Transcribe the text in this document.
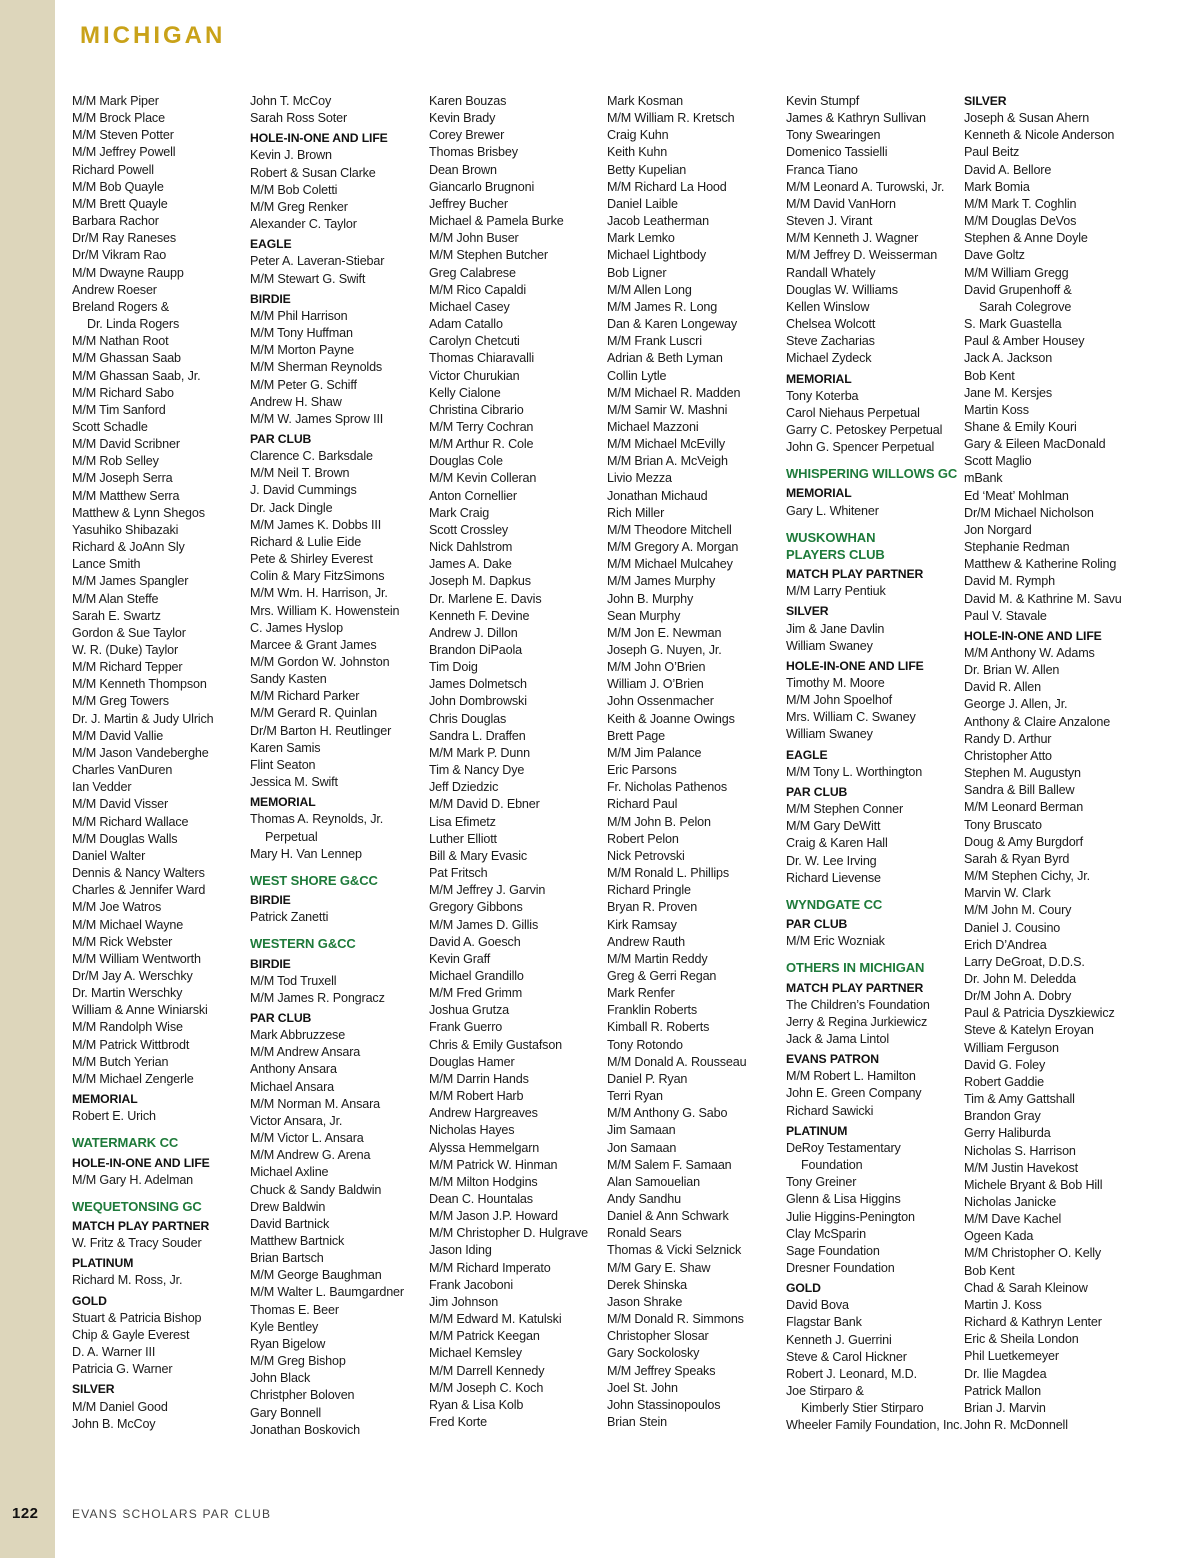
MICHIGAN
M/M Mark Piper
M/M Brock Place
M/M Steven Potter
M/M Jeffrey Powell
Richard Powell
M/M Bob Quayle
M/M Brett Quayle
Barbara Rachor
Dr/M Ray Raneses
Dr/M Vikram Rao
M/M Dwayne Raupp
Andrew Roeser
Breland Rogers &
Dr. Linda Rogers
M/M Nathan Root
M/M Ghassan Saab
M/M Ghassan Saab, Jr.
M/M Richard Sabo
M/M Tim Sanford
Scott Schadle
M/M David Scribner
M/M Rob Selley
M/M Joseph Serra
M/M Matthew Serra
Matthew & Lynn Shegos
Yasuhiko Shibazaki
Richard & JoAnn Sly
Lance Smith
M/M James Spangler
M/M Alan Steffe
Sarah E. Swartz
Gordon & Sue Taylor
W. R. (Duke) Taylor
M/M Richard Tepper
M/M Kenneth Thompson
M/M Greg Towers
Dr. J. Martin & Judy Ulrich
M/M David Vallie
M/M Jason Vandeberghe
Charles VanDuren
Ian Vedder
M/M David Visser
M/M Richard Wallace
M/M Douglas Walls
Daniel Walter
Dennis & Nancy Walters
Charles & Jennifer Ward
M/M Joe Watros
M/M Michael Wayne
M/M Rick Webster
M/M William Wentworth
Dr/M Jay A. Werschky
Dr. Martin Werschky
William & Anne Winiarski
M/M Randolph Wise
M/M Patrick Wittbrodt
M/M Butch Yerian
M/M Michael Zengerle
MEMORIAL
Robert E. Urich
WATERMARK CC
HOLE-IN-ONE AND LIFE
M/M Gary H. Adelman
WEQUETONSING GC
MATCH PLAY PARTNER
W. Fritz & Tracy Souder
PLATINUM
Richard M. Ross, Jr.
GOLD
Stuart & Patricia Bishop
Chip & Gayle Everest
D. A. Warner III
Patricia G. Warner
SILVER
M/M Daniel Good
John B. McCoy
John T. McCoy
Sarah Ross Soter
HOLE-IN-ONE AND LIFE
Kevin J. Brown
Robert & Susan Clarke
M/M Bob Coletti
M/M Greg Renker
Alexander C. Taylor
EAGLE
Peter A. Laveran-Stiebar
M/M Stewart G. Swift
BIRDIE
M/M Phil Harrison
M/M Tony Huffman
M/M Morton Payne
M/M Sherman Reynolds
M/M Peter G. Schiff
Andrew H. Shaw
M/M W. James Sprow III
PAR CLUB
Clarence C. Barksdale
M/M Neil T. Brown
J. David Cummings
Dr. Jack Dingle
M/M James K. Dobbs III
Richard & Lulie Eide
Pete & Shirley Everest
Colin & Mary FitzSimons
M/M Wm. H. Harrison, Jr.
Mrs. William K. Howenstein
C. James Hyslop
Marcee & Grant James
M/M Gordon W. Johnston
Sandy Kasten
M/M Richard Parker
M/M Gerard R. Quinlan
Dr/M Barton H. Reutlinger
Karen Samis
Flint Seaton
Jessica M. Swift
MEMORIAL
Thomas A. Reynolds, Jr.
Perpetual
Mary H. Van Lennep
WEST SHORE G&CC
BIRDIE
Patrick Zanetti
WESTERN G&CC
BIRDIE
M/M Tod Truxell
M/M James R. Pongracz
PAR CLUB
Mark Abbruzzese
M/M Andrew Ansara
Anthony Ansara
Michael Ansara
M/M Norman M. Ansara
Victor Ansara, Jr.
M/M Victor L. Ansara
M/M Andrew G. Arena
Michael Axline
Chuck & Sandy Baldwin
Drew Baldwin
David Bartnick
Matthew Bartnick
Brian Bartsch
M/M George Baughman
M/M Walter L. Baumgardner
Thomas E. Beer
Kyle Bentley
Ryan Bigelow
M/M Greg Bishop
John Black
Christpher Boloven
Gary Bonnell
Jonathan Boskovich
Karen Bouzas
Kevin Brady
Corey Brewer
Thomas Brisbey
Dean Brown
Giancarlo Brugnoni
Jeffrey Bucher
Michael & Pamela Burke
M/M John Buser
M/M Stephen Butcher
Greg Calabrese
M/M Rico Capaldi
Michael Casey
Adam Catallo
Carolyn Chetcuti
Thomas Chiaravalli
Victor Churukian
Kelly Cialone
Christina Cibrario
M/M Terry Cochran
M/M Arthur R. Cole
Douglas Cole
M/M Kevin Colleran
Anton Cornellier
Mark Craig
Scott Crossley
Nick Dahlstrom
James A. Dake
Joseph M. Dapkus
Dr. Marlene E. Davis
Kenneth F. Devine
Andrew J. Dillon
Brandon DiPaola
Tim Doig
James Dolmetsch
John Dombrowski
Chris Douglas
Sandra L. Draffen
M/M Mark P. Dunn
Tim & Nancy Dye
Jeff Dziedzic
M/M David D. Ebner
Lisa Efimetz
Luther Elliott
Bill & Mary Evasic
Pat Fritsch
M/M Jeffrey J. Garvin
Gregory Gibbons
M/M James D. Gillis
David A. Goesch
Kevin Graff
Michael Grandillo
M/M Fred Grimm
Joshua Grutza
Frank Guerro
Chris & Emily Gustafson
Douglas Hamer
M/M Darrin Hands
M/M Robert Harb
Andrew Hargreaves
Nicholas Hayes
Alyssa Hemmelgarn
M/M Patrick W. Hinman
M/M Milton Hodgins
Dean C. Hountalas
M/M Jason J.P. Howard
M/M Christopher D. Hulgrave
Jason Iding
M/M Richard Imperato
Frank Jacoboni
Jim Johnson
M/M Edward M. Katulski
M/M Patrick Keegan
Michael Kemsley
M/M Darrell Kennedy
M/M Joseph C. Koch
Ryan & Lisa Kolb
Fred Korte
Mark Kosman
M/M William R. Kretsch
Craig Kuhn
Keith Kuhn
Betty Kupelian
M/M Richard La Hood
Daniel Laible
Jacob Leatherman
Mark Lemko
Michael Lightbody
Bob Ligner
M/M Allen Long
M/M James R. Long
Dan & Karen Longeway
M/M Frank Luscri
Adrian & Beth Lyman
Collin Lytle
M/M Michael R. Madden
M/M Samir W. Mashni
Michael Mazzoni
M/M Michael McEvilly
M/M Brian A. McVeigh
Livio Mezza
Jonathan Michaud
Rich Miller
M/M Theodore Mitchell
M/M Gregory A. Morgan
M/M Michael Mulcahey
M/M James Murphy
John B. Murphy
Sean Murphy
M/M Jon E. Newman
Joseph G. Nuyen, Jr.
M/M John O’Brien
William J. O’Brien
John Ossenmacher
Keith & Joanne Owings
Brett Page
M/M Jim Palance
Eric Parsons
Fr. Nicholas Pathenos
Richard Paul
M/M John B. Pelon
Robert Pelon
Nick Petrovski
M/M Ronald L. Phillips
Richard Pringle
Bryan R. Proven
Kirk Ramsay
Andrew Rauth
M/M Martin Reddy
Greg & Gerri Regan
Mark Renfer
Franklin Roberts
Kimball R. Roberts
Tony Rotondo
M/M Donald A. Rousseau
Daniel P. Ryan
Terri Ryan
M/M Anthony G. Sabo
Jim Samaan
Jon Samaan
M/M Salem F. Samaan
Alan Samouelian
Andy Sandhu
Daniel & Ann Schwark
Ronald Sears
Thomas & Vicki Selznick
M/M Gary E. Shaw
Derek Shinska
Jason Shrake
M/M Donald R. Simmons
Christopher Slosar
Gary Sockolosky
M/M Jeffrey Speaks
Joel St. John
John Stassinopoulos
Brian Stein
Kevin Stumpf
James & Kathryn Sullivan
Tony Swearingen
Domenico Tassielli
Franca Tiano
M/M Leonard A. Turowski, Jr.
M/M David VanHorn
Steven J. Virant
M/M Kenneth J. Wagner
M/M Jeffrey D. Weisserman
Randall Whately
Douglas W. Williams
Kellen Winslow
Chelsea Wolcott
Steve Zacharias
Michael Zydeck
MEMORIAL
Tony Koterba
Carol Niehaus Perpetual
Garry C. Petoskey Perpetual
John G. Spencer Perpetual
WHISPERING WILLOWS GC
MEMORIAL
Gary L. Whitener
WUSKOWHAN
PLAYERS CLUB
MATCH PLAY PARTNER
M/M Larry Pentiuk
SILVER
Jim & Jane Davlin
William Swaney
HOLE-IN-ONE AND LIFE
Timothy M. Moore
M/M John Spoelhof
Mrs. William C. Swaney
William Swaney
EAGLE
M/M Tony L. Worthington
PAR CLUB
M/M Stephen Conner
M/M Gary DeWitt
Craig & Karen Hall
Dr. W. Lee Irving
Richard Lievense
WYNDGATE CC
PAR CLUB
M/M Eric Wozniak
OTHERS IN MICHIGAN
MATCH PLAY PARTNER
The Children’s Foundation
Jerry & Regina Jurkiewicz
Jack & Jama Lintol
EVANS PATRON
M/M Robert L. Hamilton
John E. Green Company
Richard Sawicki
PLATINUM
DeRoy Testamentary
Foundation
Tony Greiner
Glenn & Lisa Higgins
Julie Higgins-Penington
Clay McSparin
Sage Foundation
Dresner Foundation
GOLD
David Bova
Flagstar Bank
Kenneth J. Guerrini
Steve & Carol Hickner
Robert J. Leonard, M.D.
Joe Stirparo &
Kimberly Stier Stirparo
Wheeler Family Foundation, Inc.
SILVER
Joseph & Susan Ahern
Kenneth & Nicole Anderson
Paul Beitz
David A. Bellore
Mark Bomia
M/M Mark T. Coghlin
M/M Douglas DeVos
Stephen & Anne Doyle
Dave Goltz
M/M William Gregg
David Grupenhoff &
Sarah Colegrove
S. Mark Guastella
Paul & Amber Housey
Jack A. Jackson
Bob Kent
Jane M. Kersjes
Martin Koss
Shane & Emily Kouri
Gary & Eileen MacDonald
Scott Maglio
mBank
Ed ‘Meat’ Mohlman
Dr/M Michael Nicholson
Jon Norgard
Stephanie Redman
Matthew & Katherine Roling
David M. Rymph
David M. & Kathrine M. Savu
Paul V. Stavale
HOLE-IN-ONE AND LIFE
M/M Anthony W. Adams
Dr. Brian W. Allen
David R. Allen
George J. Allen, Jr.
Anthony & Claire Anzalone
Randy D. Arthur
Christopher Atto
Stephen M. Augustyn
Sandra & Bill Ballew
M/M Leonard Berman
Tony Bruscato
Doug & Amy Burgdorf
Sarah & Ryan Byrd
M/M Stephen Cichy, Jr.
Marvin W. Clark
M/M John M. Coury
Daniel J. Cousino
Erich D’Andrea
Larry DeGroat, D.D.S.
Dr. John M. Deledda
Dr/M John A. Dobry
Paul & Patricia Dyszkiewicz
Steve & Katelyn Eroyan
William Ferguson
David G. Foley
Robert Gaddie
Tim & Amy Gattshall
Brandon Gray
Gerry Haliburda
Nicholas S. Harrison
M/M Justin Havekost
Michele Bryant & Bob Hill
Nicholas Janicke
M/M Dave Kachel
Ogeen Kada
M/M Christopher O. Kelly
Bob Kent
Chad & Sarah Kleinow
Martin J. Koss
Richard & Kathryn Lenter
Eric & Sheila London
Phil Luetkemeyer
Dr. Ilie Magdea
Patrick Mallon
Brian J. Marvin
John R. McDonnell
122	EVANS SCHOLARS PAR CLUB
